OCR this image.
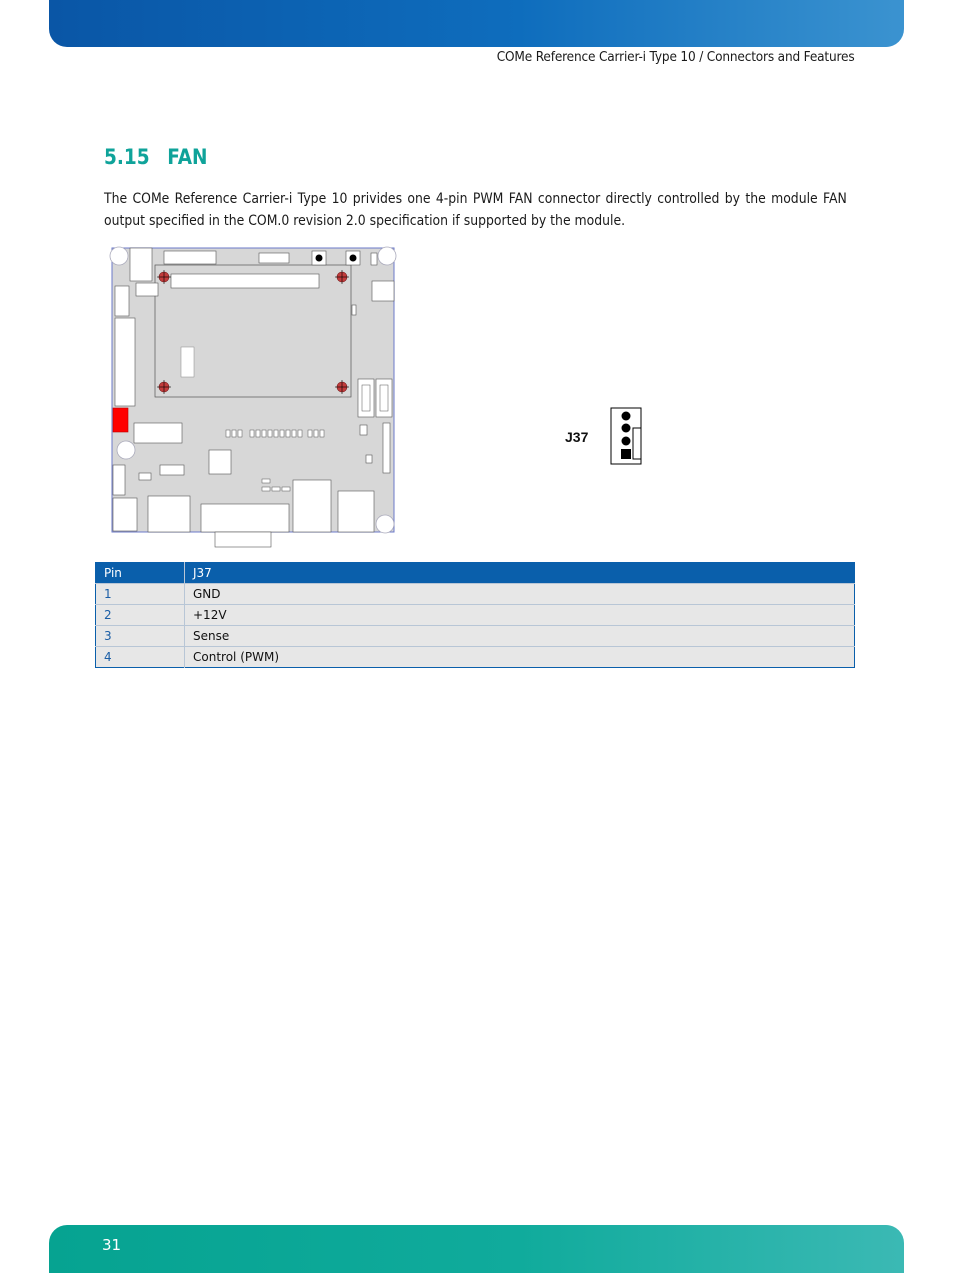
COMe Reference Carrier-i Type 10 / Connectors and Features
5.15 FAN

The COMe Reference Carrier-i Type 10 privides one 4-pin PWM FAN connector directly controlled by the module FAN output specified in the COM.0 revision 2.0 specification if supported by the module.

J37
Pin	J37
1	GND
2	+12V
3	Sense
4	Control (PWM)
31
